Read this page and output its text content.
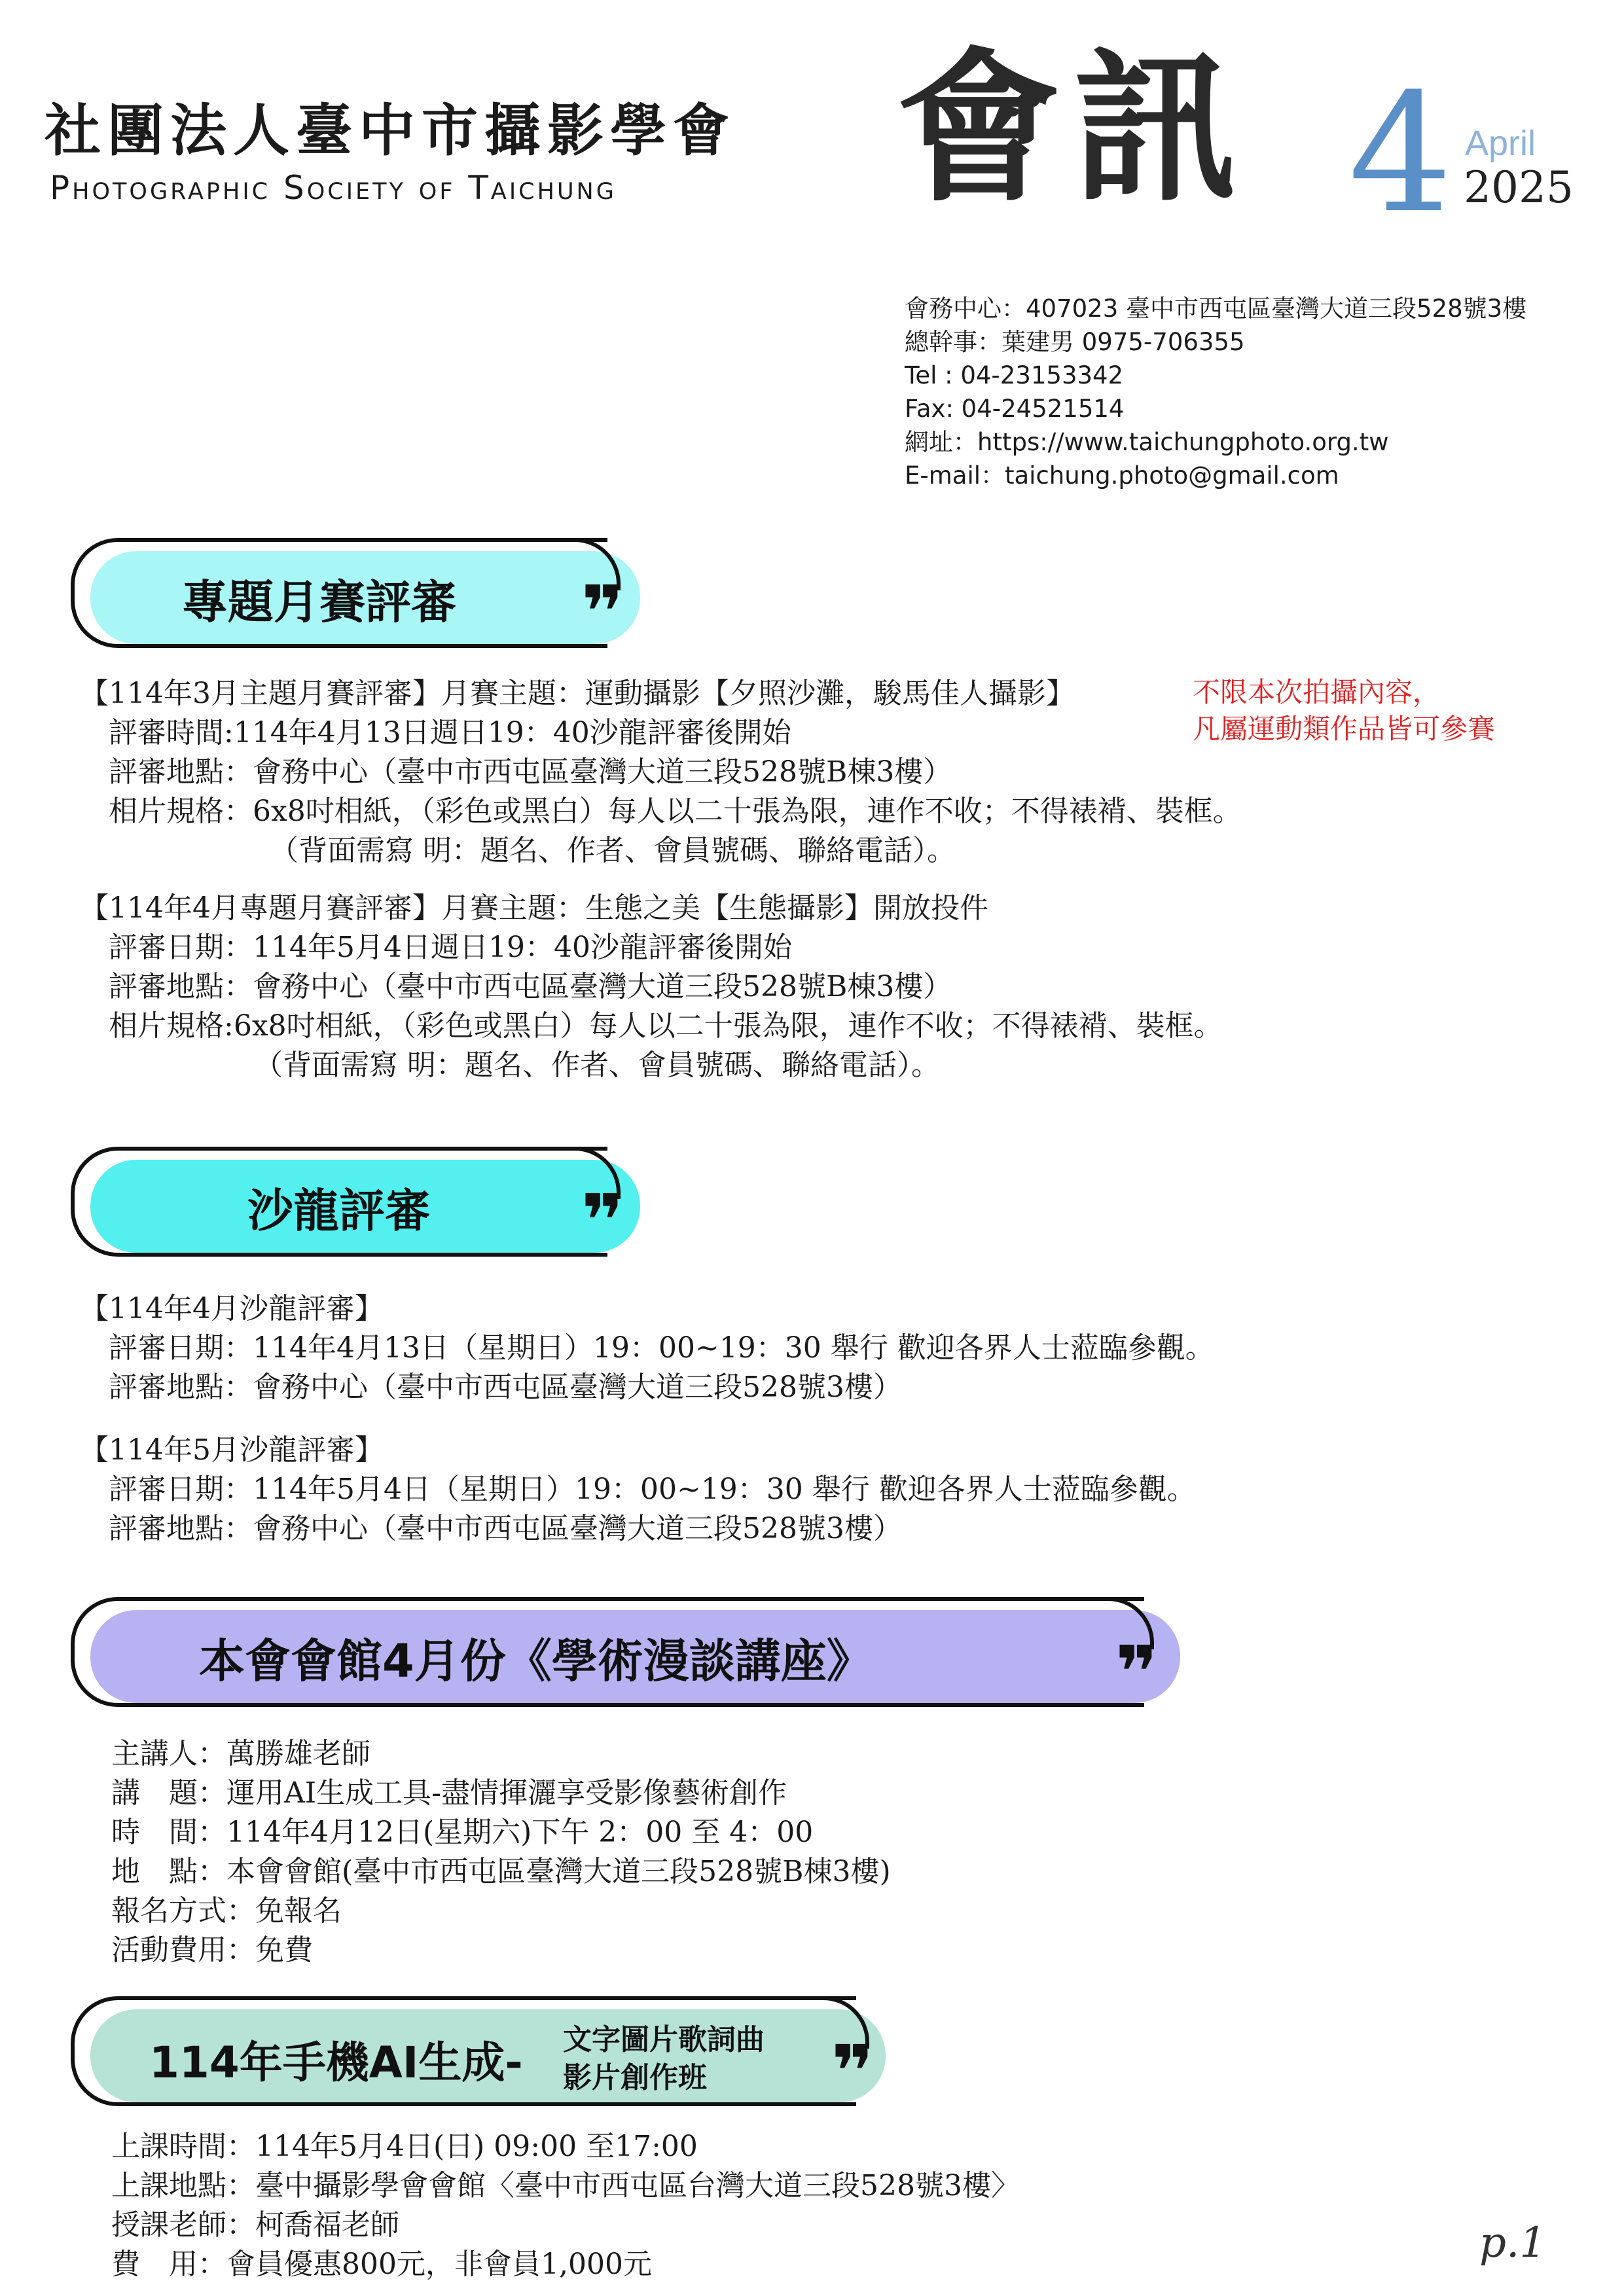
社團法人臺中市攝影學會
Photographic Society of Taichung 會訊 4 April
2025
會務中心：407023 臺中市西屯區臺灣大道三段528號3樓
總幹事：葉建男 0975-706355
Tel : 04-23153342
Fax: 04-24521514
網址：https://www.taichungphoto.org.tw
E-mail：taichung.photo@gmail.com
專題月賽評審 ❞
不限本次拍攝內容，
凡屬運動類作品皆可參賽
【114年3月主題月賽評審】月賽主題：運動攝影【夕照沙灘，駿馬佳人攝影】
評審時間:114年4月13日週日19：40沙龍評審後開始
評審地點：會務中心（臺中市西屯區臺灣大道三段528號B棟3樓）
相片規格：6x8吋相紙，（彩色或黑白）每人以二十張為限，連作不收；不得裱褙、裝框。
（背面需寫 明：題名、作者、會員號碼、聯絡電話）。
【114年4月專題月賽評審】月賽主題：生態之美【生態攝影】開放投件
評審日期：114年5月4日週日19：40沙龍評審後開始
評審地點：會務中心（臺中市西屯區臺灣大道三段528號B棟3樓）
相片規格:6x8吋相紙，（彩色或黑白）每人以二十張為限，連作不收；不得裱褙、裝框。
（背面需寫 明：題名、作者、會員號碼、聯絡電話）。
沙龍評審 ❞
【114年4月沙龍評審】
評審日期：114年4月13日（星期日）19：00~19：30 舉行 歡迎各界人士蒞臨參觀。
評審地點：會務中心（臺中市西屯區臺灣大道三段528號3樓）
【114年5月沙龍評審】
評審日期：114年5月4日（星期日）19：00~19：30 舉行 歡迎各界人士蒞臨參觀。
評審地點：會務中心（臺中市西屯區臺灣大道三段528號3樓）
本會會館4月份《學術漫談講座》	❞
主講人：萬勝雄老師
講　題：運用AI生成工具-盡情揮灑享受影像藝術創作
時　間：114年4月12日(星期六)下午 2：00 至 4：00
地　點：本會會館(臺中市西屯區臺灣大道三段528號B棟3樓)
報名方式：免報名
活動費用：免費
114年手機AI生成- 文字圖片歌詞曲
影片創作班 ❞
上課時間：114年5月4日(日) 09:00 至17:00
上課地點：臺中攝影學會會館〈臺中市西屯區台灣大道三段528號3樓〉
授課老師：柯喬福老師
費　用：會員優惠800元，非會員1,000元	p.1
